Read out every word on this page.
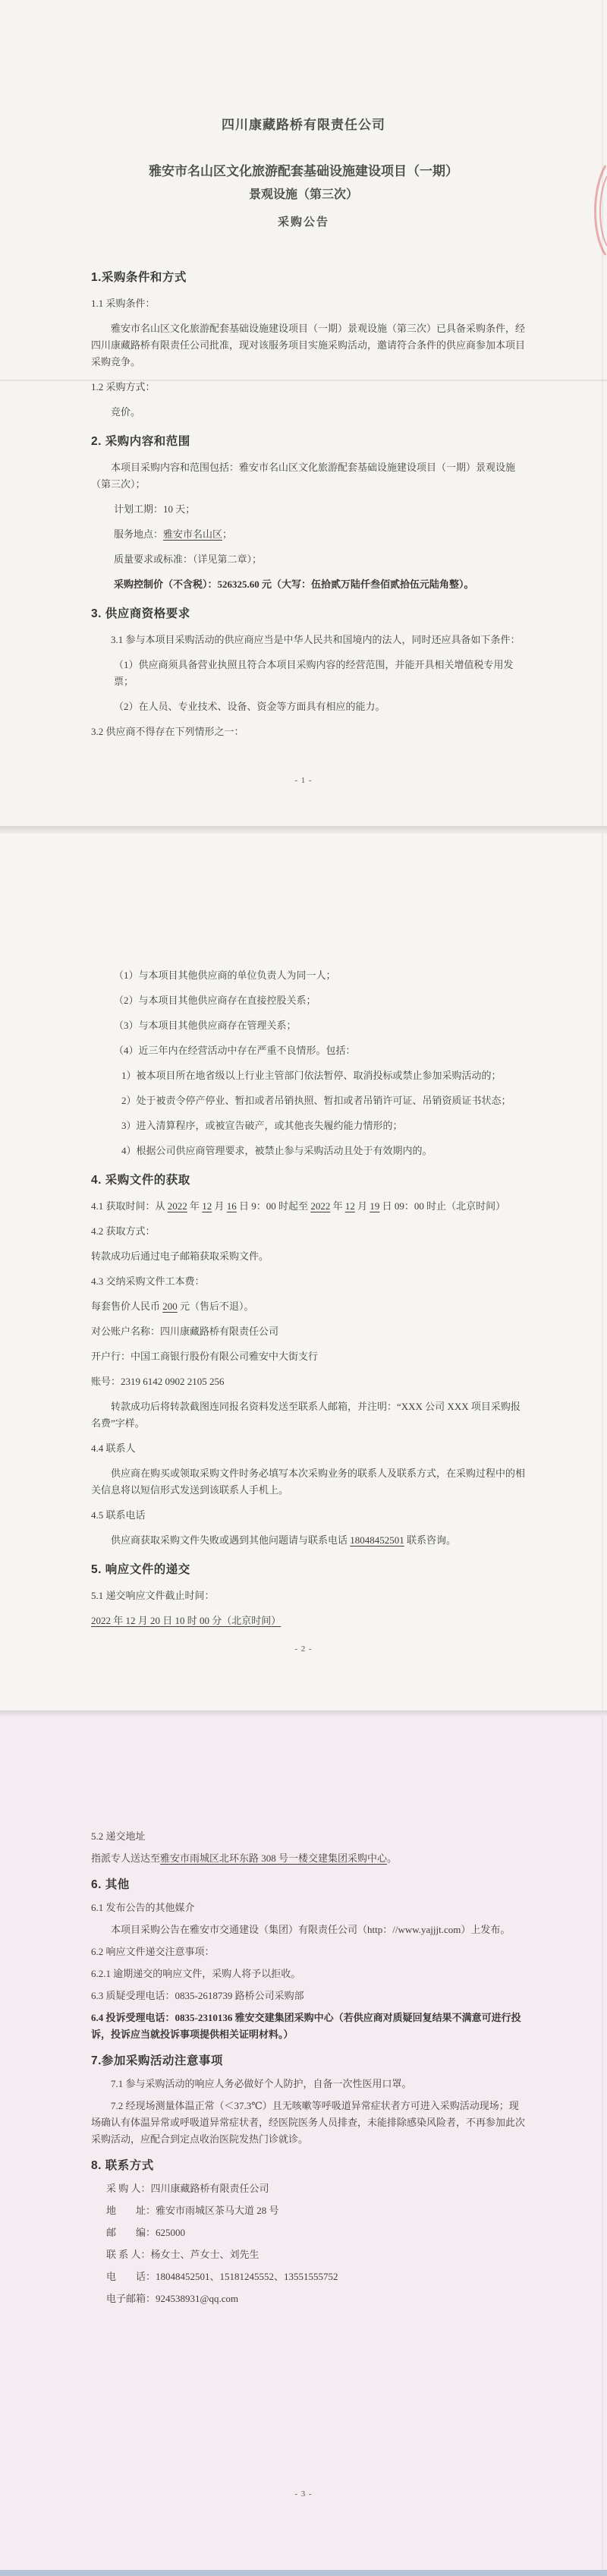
四川康藏路桥有限责任公司
雅安市名山区文化旅游配套基础设施建设项目（一期）
景观设施（第三次）
采购公告

1.采购条件和方式

1.1 采购条件：

雅安市名山区文化旅游配套基础设施建设项目（一期）景观设施（第三次）已具备采购条件，经四川康藏路桥有限责任公司批准，现对该服务项目实施采购活动，邀请符合条件的供应商参加本项目采购竞争。

1.2 采购方式：

竞价。

2. 采购内容和范围

本项目采购内容和范围包括：雅安市名山区文化旅游配套基础设施建设项目（一期）景观设施（第三次）；

计划工期：10 天；

服务地点：雅安市名山区；

质量要求或标准：（详见第二章）；

采购控制价（不含税）：526325.60 元（大写：伍拾贰万陆仟叁佰贰拾伍元陆角整）。

3. 供应商资格要求

3.1 参与本项目采购活动的供应商应当是中华人民共和国境内的法人，同时还应具备如下条件：

（1）供应商须具备营业执照且符合本项目采购内容的经营范围，并能开具相关增值税专用发票；

（2）在人员、专业技术、设备、资金等方面具有相应的能力。

3.2 供应商不得存在下列情形之一：

- 1 -

（1）与本项目其他供应商的单位负责人为同一人；

（2）与本项目其他供应商存在直接控股关系；

（3）与本项目其他供应商存在管理关系；

（4）近三年内在经营活动中存在严重不良情形。包括：

1）被本项目所在地省级以上行业主管部门依法暂停、取消投标或禁止参加采购活动的；

2）处于被责令停产停业、暂扣或者吊销执照、暂扣或者吊销许可证、吊销资质证书状态；

3）进入清算程序，或被宣告破产，或其他丧失履约能力情形的；

4）根据公司供应商管理要求，被禁止参与采购活动且处于有效期内的。

4. 采购文件的获取

4.1 获取时间：从 2022 年 12 月 16 日 9：00 时起至 2022 年 12 月 19 日 09：00 时止（北京时间）

4.2 获取方式：

转款成功后通过电子邮箱获取采购文件。

4.3 交纳采购文件工本费：

每套售价人民币 200 元（售后不退）。

对公账户名称：四川康藏路桥有限责任公司

开户行：中国工商银行股份有限公司雅安中大街支行

账号：2319 6142 0902 2105 256

转款成功后将转款截图连同报名资料发送至联系人邮箱，并注明：“XXX 公司 XXX 项目采购报名费”字样。

4.4 联系人

供应商在购买或领取采购文件时务必填写本次采购业务的联系人及联系方式，在采购过程中的相关信息将以短信形式发送到该联系人手机上。

4.5 联系电话

供应商获取采购文件失败或遇到其他问题请与联系电话 18048452501 联系咨询。

5. 响应文件的递交

5.1 递交响应文件截止时间：

2022 年 12 月 20 日 10 时 00 分（北京时间）

- 2 -

5.2 递交地址

指派专人送达至雅安市雨城区北环东路 308 号一楼交建集团采购中心。

6. 其他

6.1 发布公告的其他媒介

本项目采购公告在雅安市交通建设（集团）有限责任公司（http：//www.yajjjt.com）上发布。

6.2 响应文件递交注意事项：

6.2.1 逾期递交的响应文件，采购人将予以拒收。

6.3 质疑受理电话：0835-2618739 路桥公司采购部

6.4 投诉受理电话：0835-2310136 雅安交建集团采购中心（若供应商对质疑回复结果不满意可进行投诉，投诉应当就投诉事项提供相关证明材料。）

7.参加采购活动注意事项

7.1 参与采购活动的响应人务必做好个人防护，自备一次性医用口罩。

7.2 经现场测量体温正常（＜37.3℃）且无咳嗽等呼吸道异常症状者方可进入采购活动现场；现场确认有体温异常或呼吸道异常症状者，经医院医务人员排查，未能排除感染风险者，不再参加此次采购活动，应配合到定点收治医院发热门诊就诊。

8. 联系方式

采 购 人：四川康藏路桥有限责任公司

地　　址：雅安市雨城区茶马大道 28 号

邮　　编：625000

联 系 人：杨女士、芦女士、刘先生

电　　话：18048452501、15181245552、13551555752

电子邮箱：924538931@qq.com

- 3 -
